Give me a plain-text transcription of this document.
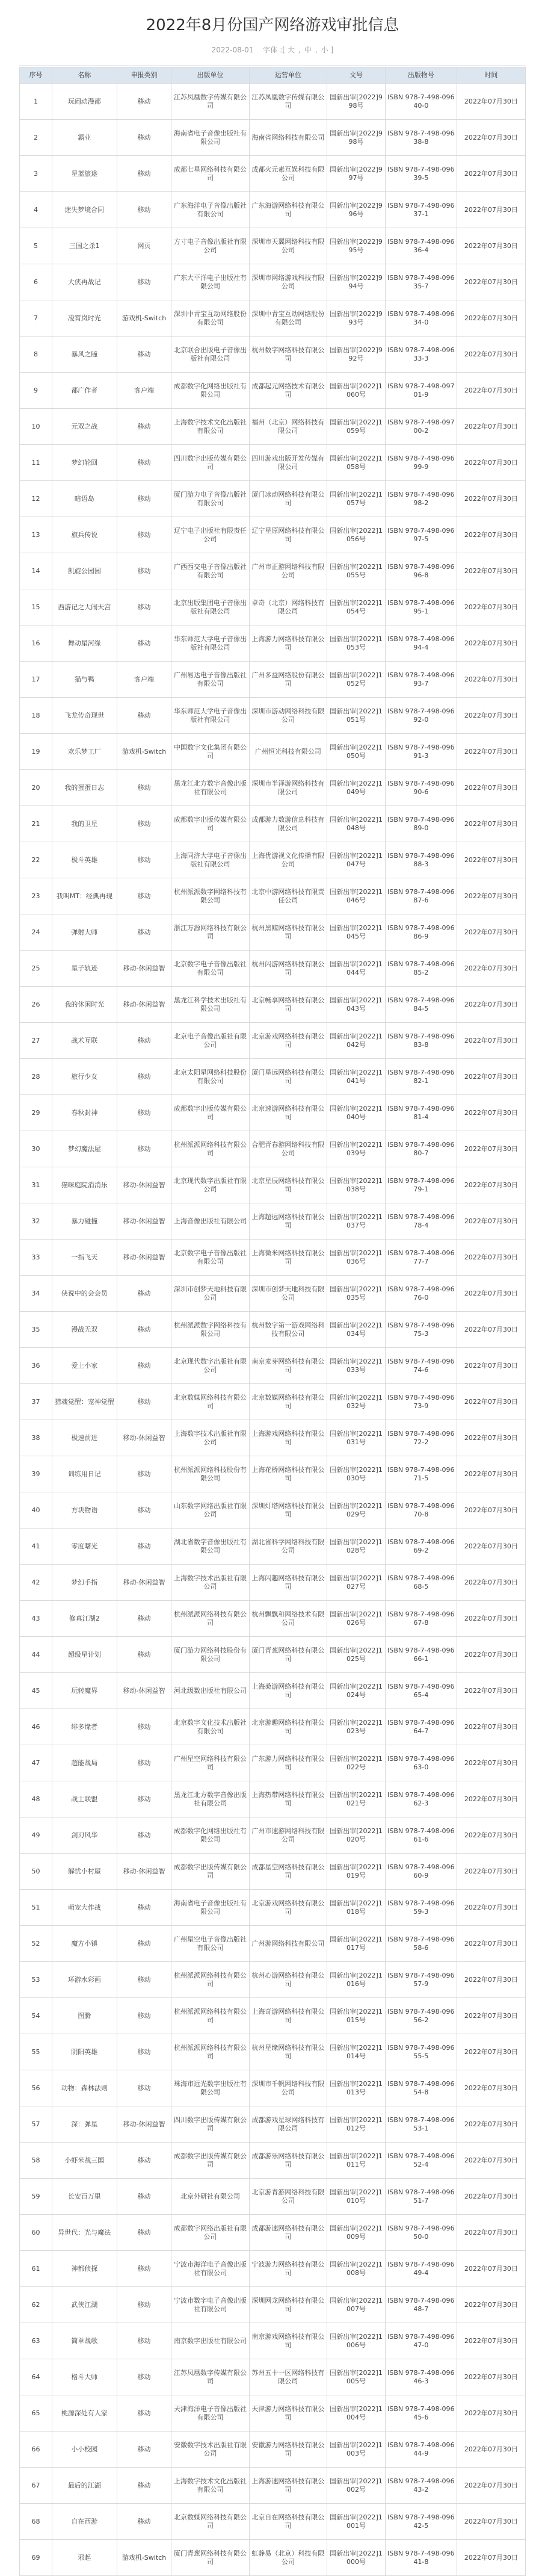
2022年8月份国产网络游戏审批信息
2022-08-01 字体 :[ 大 , 中 , 小 ]
序号	名称	申报类别	出版单位	运营单位	文号	出版物号	时间
1	玩闹动漫都	移动	江苏凤凰数字传媒有限公司	江苏凤凰数字传媒有限公司	国新出审[2022]998号	ISBN 978-7-498-09640-0	2022年07月30日
2	霸业	移动	海南省电子音像出版社有限公司	海南省网络科技有限公司	国新出审[2022]998号	ISBN 978-7-498-09638-8	2022年07月30日
3	星蓝旅途	移动	成都七星网络科技有限公司	成都火元素互娱科技有限公司	国新出审[2022]997号	ISBN 978-7-498-09639-5	2022年07月30日
4	迷失梦境合同	移动	广东海洋电子音像出版社有限公司	广东海游网络科技有限公司	国新出审[2022]996号	ISBN 978-7-498-09637-1	2022年07月30日
5	三国之杀1	网页	方寸电子音像出版社有限公司	深圳市天翼网络科技有限公司	国新出审[2022]995号	ISBN 978-7-498-09636-4	2022年07月30日
6	大侠再战记	移动	广东大平洋电子出版社有限公司	深圳市网络游戏科技有限公司	国新出审[2022]994号	ISBN 978-7-498-09635-7	2022年07月30日
7	凌霄岚时光	游戏机-Switch	深圳中青宝互动网络股份有限公司	深圳中青宝互动网络股份有限公司	国新出审[2022]993号	ISBN 978-7-498-09634-0	2022年07月30日
8	暴风之瞳	移动	北京联合出版电子音像出版社有限公司	杭州数字网络科技有限公司	国新出审[2022]992号	ISBN 978-7-498-09633-3	2022年07月30日
9	都广作者	客户端	成都数字化网络出版社有限公司	成都起元网络技术有限公司	国新出审[2022]1060号	ISBN 978-7-498-09701-9	2022年07月30日
10	元双之战	移动	上海数字技术文化出版社有限公司	福州（北京）网络科技有限公司	国新出审[2022]1059号	ISBN 978-7-498-09700-2	2022年07月30日
11	梦幻轮回	移动	四川数字出版传媒有限公司	四川游戏出版开发传媒有限公司	国新出审[2022]1058号	ISBN 978-7-498-09699-9	2022年07月30日
12	暗语岛	移动	厦门游力电子音像出版社有限公司	厦门冰动网络科技有限公司	国新出审[2022]1057号	ISBN 978-7-498-09698-2	2022年07月30日
13	旗兵传说	移动	辽宁电子出版社有限责任公司	辽宁星原网络科技有限公司	国新出审[2022]1056号	ISBN 978-7-498-09697-5	2022年07月30日
14	凯旋公园园	移动	广西西交电子音像出版社有限公司	广州市正游网络科技有限公司	国新出审[2022]1055号	ISBN 978-7-498-09696-8	2022年07月30日
15	西游记之大闹天宫	移动	北京出版集团电子音像出版社有限公司	卓奇（北京）网络科技有限公司	国新出审[2022]1054号	ISBN 978-7-498-09695-1	2022年07月30日
16	舞动星河缘	移动	华东师范大学电子音像出版社有限公司	上海游力网络科技有限公司	国新出审[2022]1053号	ISBN 978-7-498-09694-4	2022年07月30日
17	猫与鸭	客户端	广州易达电子音像出版社有限公司	广州多益网络股份有限公司	国新出审[2022]1052号	ISBN 978-7-498-09693-7	2022年07月30日
18	飞龙传奇现世	移动	华东师范大学电子音像出版社有限公司	深圳市游动网络科技有限公司	国新出审[2022]1051号	ISBN 978-7-498-09692-0	2022年07月30日
19	欢乐梦工厂	游戏机-Switch	中国数字文化集团有限公司	广州恒光科技有限公司	国新出审[2022]1050号	ISBN 978-7-498-09691-3	2022年07月30日
20	我的蛋蛋日志	移动	黑龙江北方数字音像出版社有限公司	深圳市半泽游网络科技有限公司	国新出审[2022]1049号	ISBN 978-7-498-09690-6	2022年07月30日
21	我的卫星	移动	成都数字出版传媒有限公司	成都游力数游信息科技有限公司	国新出审[2022]1048号	ISBN 978-7-498-09689-0	2022年07月30日
22	极斗英雄	移动	上海同济大学电子音像出版社有限公司	上海优游视文化传播有限公司	国新出审[2022]1047号	ISBN 978-7-498-09688-3	2022年07月30日
23	我叫MT：经典再现	移动	杭州派派数字网络科技有限公司	北京中游网络科技有限责任公司	国新出审[2022]1046号	ISBN 978-7-498-09687-6	2022年07月30日
24	弹射大师	移动	浙江万源网络科技有限公司	杭州黑鲸网络科技有限公司	国新出审[2022]1045号	ISBN 978-7-498-09686-9	2022年07月30日
25	星子轨迹	移动-休闲益智	北京数字电子音像出版社有限公司	杭州闪游网络科技有限公司	国新出审[2022]1044号	ISBN 978-7-498-09685-2	2022年07月30日
26	我的休闲时光	移动-休闲益智	黑龙江科学技术出版社有限公司	北京畅享网络科技有限公司	国新出审[2022]1043号	ISBN 978-7-498-09684-5	2022年07月30日
27	战术互联	移动	北京电子音像出版社有限公司	北京游戏网络科技有限公司	国新出审[2022]1042号	ISBN 978-7-498-09683-8	2022年07月30日
28	旅行少女	移动	北京太阳星网络科技股份有限公司	厦门星远网络科技有限公司	国新出审[2022]1041号	ISBN 978-7-498-09682-1	2022年07月30日
29	春秋封神	移动	成都数字出版传媒有限公司	北京速游网络科技有限公司	国新出审[2022]1040号	ISBN 978-7-498-09681-4	2022年07月30日
30	梦幻魔法屋	移动	杭州派派网络科技有限公司	合肥青春游网络科技有限公司	国新出审[2022]1039号	ISBN 978-7-498-09680-7	2022年07月30日
31	猫咪庭院消消乐	移动-休闲益智	北京现代数字出版社有限公司	北京星辰网络科技有限公司	国新出审[2022]1038号	ISBN 978-7-498-09679-1	2022年07月30日
32	暴力碰撞	移动-休闲益智	上海音像出版社有限公司	上海超远网络科技有限公司	国新出审[2022]1037号	ISBN 978-7-498-09678-4	2022年07月30日
33	一指飞天	移动-休闲益智	北京数字电子音像出版社有限公司	上海微米网络科技有限公司	国新出审[2022]1036号	ISBN 978-7-498-09677-7	2022年07月30日
34	侠说中的会会员	移动	深圳市创梦天地科技有限公司	深圳市创梦天地科技有限公司	国新出审[2022]1035号	ISBN 978-7-498-09676-0	2022年07月30日
35	漫战无双	移动	杭州派派数字网络科技有限公司	杭州数字第一游戏网络科技有限公司	国新出审[2022]1034号	ISBN 978-7-498-09675-3	2022年07月30日
36	爱上小家	移动	北京现代数字出版社有限公司	南京麦芽网络科技有限公司	国新出审[2022]1033号	ISBN 978-7-498-09674-6	2022年07月30日
37	猎魂觉醒：宠神觉醒	移动	北京数媒网络科技有限公司	北京数媒网络科技有限公司	国新出审[2022]1032号	ISBN 978-7-498-09673-9	2022年07月30日
38	极速前进	移动-休闲益智	上海数字技术出版社有限公司	上海游戏网络科技有限公司	国新出审[2022]1031号	ISBN 978-7-498-09672-2	2022年07月30日
39	训练用日记	移动	杭州派派网络科技股份有限公司	上海花桥网络科技有限公司	国新出审[2022]1030号	ISBN 978-7-498-09671-5	2022年07月30日
40	方块物语	移动	山东数字网络出版社有限公司	深圳灯塔网络科技有限公司	国新出审[2022]1029号	ISBN 978-7-498-09670-8	2022年07月30日
41	零度曙光	移动	湖北省数字音像出版社有限公司	湖北省科学网络科技有限公司	国新出审[2022]1028号	ISBN 978-7-498-09669-2	2022年07月30日
42	梦幻手指	移动-休闲益智	上海数字技术出版社有限公司	上海闪趣网络科技有限公司	国新出审[2022]1027号	ISBN 978-7-498-09668-5	2022年07月30日
43	修真江湖2	移动	杭州派派网络科技有限公司	杭州飘飘和网络技术有限公司	国新出审[2022]1026号	ISBN 978-7-498-09667-8	2022年07月30日
44	超级星计划	移动	厦门游力网络科技股份有限公司	厦门青葱网络科技有限公司	国新出审[2022]1025号	ISBN 978-7-498-09666-1	2022年07月30日
45	玩转魔界	移动-休闲益智	河北级数出版社有限公司	上海桑游网络科技有限公司	国新出审[2022]1024号	ISBN 978-7-498-09665-4	2022年07月30日
46	绯多缘者	移动	北京数字文化技术出版社有限公司	北京游趣网络科技有限公司	国新出审[2022]1023号	ISBN 978-7-498-09664-7	2022年07月30日
47	超能战局	移动	广州星空网络科技有限公司	广东游力网络科技有限公司	国新出审[2022]1022号	ISBN 978-7-498-09663-0	2022年07月30日
48	战士联盟	移动	黑龙江北方数字音像出版社有限公司	上海热带网络科技有限公司	国新出审[2022]1021号	ISBN 978-7-498-09662-3	2022年07月30日
49	剑刃风华	移动	成都数字化网络出版社有限公司	广州市速游网络科技有限公司	国新出审[2022]1020号	ISBN 978-7-498-09661-6	2022年07月30日
50	解忧小村屋	移动-休闲益智	成都数字出版传媒有限公司	成都星空网络科技有限公司	国新出审[2022]1019号	ISBN 978-7-498-09660-9	2022年07月30日
51	萌宠大作战	移动	海南省电子音像出版社有限公司	北京游戏网络科技有限公司	国新出审[2022]1018号	ISBN 978-7-498-09659-3	2022年07月30日
52	魔方小镇	移动	广州星空电子音像出版社有限公司	广州游网络科技有限公司	国新出审[2022]1017号	ISBN 978-7-498-09658-6	2022年07月30日
53	环游水彩画	移动	杭州派派网络科技有限公司	杭州心游网络科技有限公司	国新出审[2022]1016号	ISBN 978-7-498-09657-9	2022年07月30日
54	图腾	移动	杭州派派网络科技有限公司	上海奇游网络科技有限公司	国新出审[2022]1015号	ISBN 978-7-498-09656-2	2022年07月30日
55	阴阳英雄	移动	杭州派派网络科技有限公司	杭州星缘网络科技有限公司	国新出审[2022]1014号	ISBN 978-7-498-09655-5	2022年07月30日
56	动物：森林法则	移动	珠海市远光数字出版社有限公司	深圳市千帆网络科技有限公司	国新出审[2022]1013号	ISBN 978-7-498-09654-8	2022年07月30日
57	深：弹星	移动-休闲益智	四川数字出版传媒有限公司	成都游戏星球网络科技有限公司	国新出审[2022]1012号	ISBN 978-7-498-09653-1	2022年07月30日
58	小虾米战三国	移动	成都数字出版传媒有限公司	成都游乐网络科技有限公司	国新出审[2022]1011号	ISBN 978-7-498-09652-4	2022年07月30日
59	长安百万里	移动	北京外研社有限公司	北京游青游网络科技有限公司	国新出审[2022]1010号	ISBN 978-7-498-09651-7	2022年07月30日
60	异世代：光与魔法	移动	成都数字网络出版社有限公司	成都游速网络科技有限公司	国新出审[2022]1009号	ISBN 978-7-498-09650-0	2022年07月30日
61	神都侦探	移动	宁波市海洋电子音像出版社有限公司	宁波游力网络科技有限公司	国新出审[2022]1008号	ISBN 978-7-498-09649-4	2022年07月30日
62	武侠江湖	移动	宁波市数字电子音像出版社有限公司	深圳网龙网络科技有限公司	国新出审[2022]1007号	ISBN 978-7-498-09648-7	2022年07月30日
63	简单战歌	移动	南京数字出版社有限公司	南京游戏网络科技有限公司	国新出审[2022]1006号	ISBN 978-7-498-09647-0	2022年07月30日
64	格斗大师	移动	江苏凤凰数字传媒有限公司	苏州五十一区网络科技有限公司	国新出审[2022]1005号	ISBN 978-7-498-09646-3	2022年07月30日
65	桃源深处有人家	移动	天津海洋电子音像出版社有限公司	天津游力网络科技有限公司	国新出审[2022]1004号	ISBN 978-7-498-09645-6	2022年07月30日
66	小小校园	移动	安徽数字技术出版社有限公司	安徽游力网络科技有限公司	国新出审[2022]1003号	ISBN 978-7-498-09644-9	2022年07月30日
67	最后的江湖	移动	上海数字技术文化出版社有限公司	上海游速网络科技有限公司	国新出审[2022]1002号	ISBN 978-7-498-09643-2	2022年07月30日
68	自在西游	移动	北京数媒网络科技有限公司	北京自在网络科技有限公司	国新出审[2022]1001号	ISBN 978-7-498-09642-5	2022年07月30日
69	邪起	游戏机-Switch	厦门青葱网络科技有限公司	虹静易（北京）科技有限公司	国新出审[2022]1000号	ISBN 978-7-498-09641-8	2022年07月30日
